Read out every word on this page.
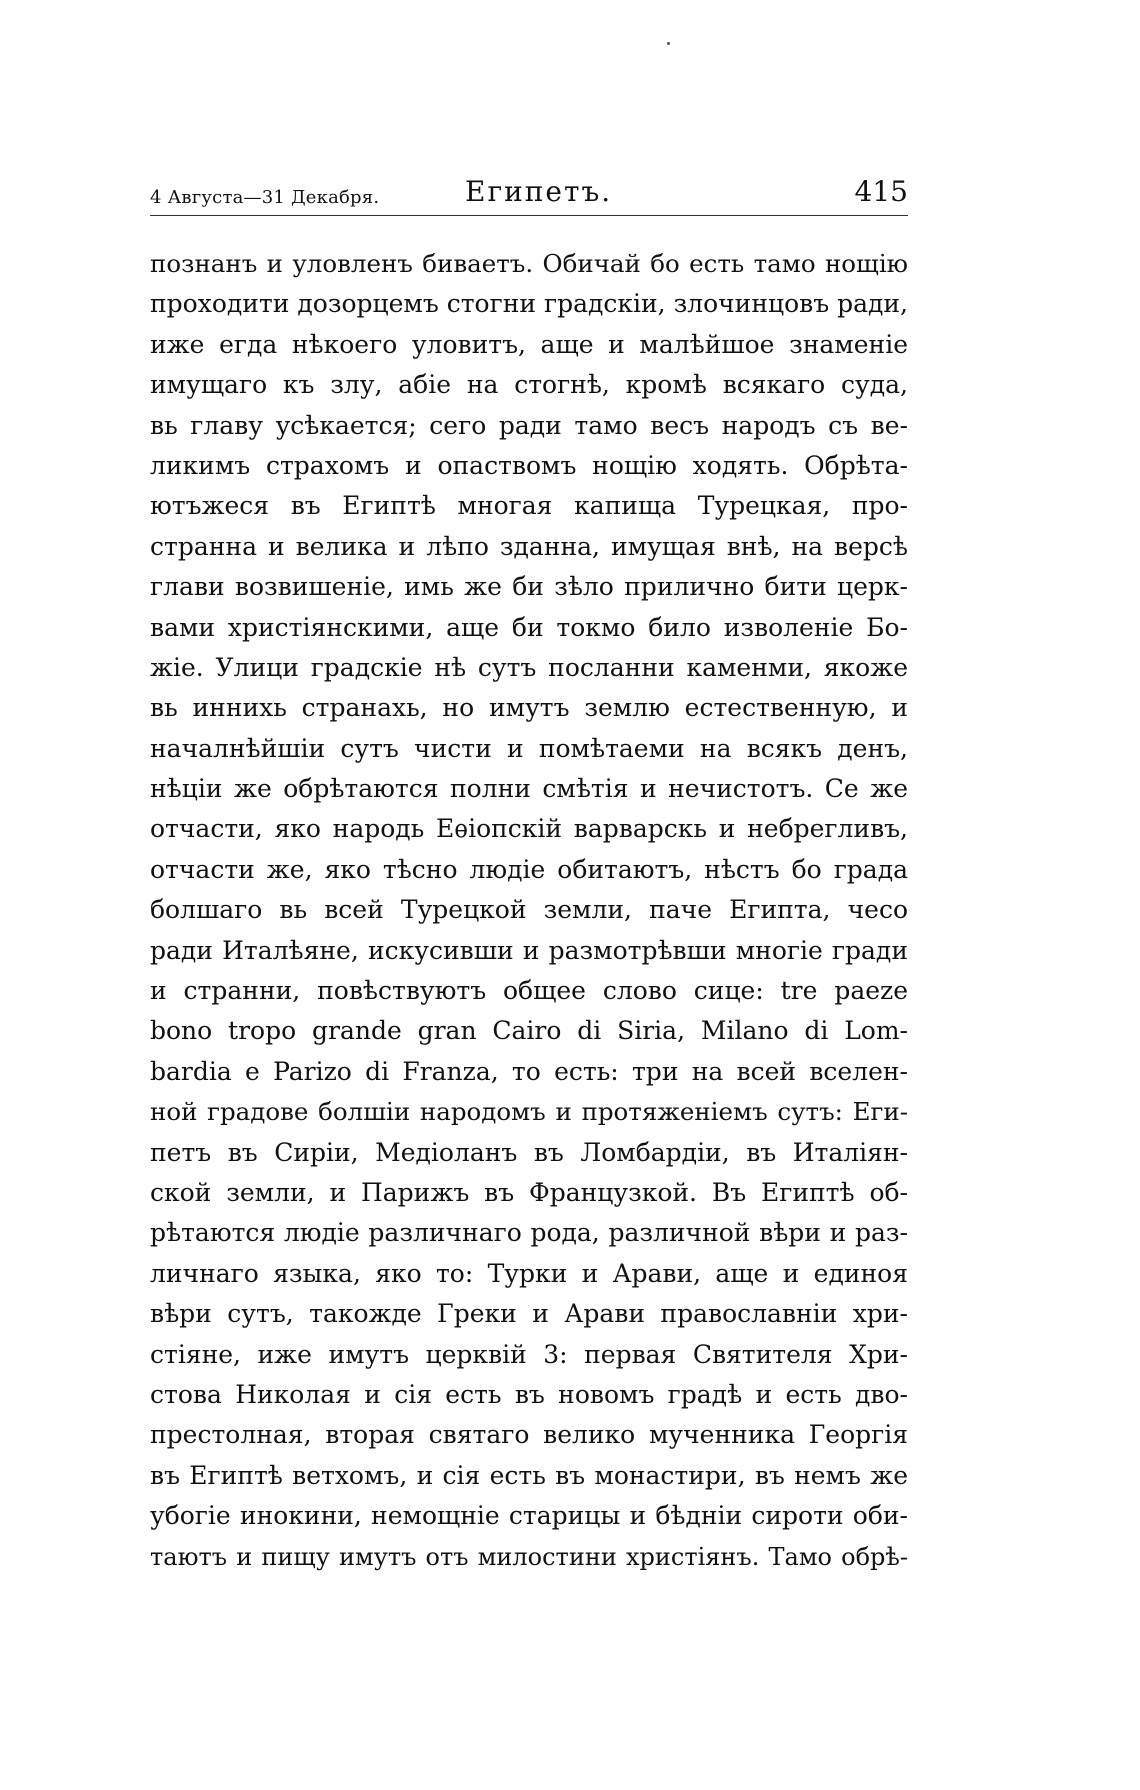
4 Августа—31 Декабря.	Египетъ.	415
познанъ и уловленъ биваетъ. Обичай бо есть тамо нощію
проходити дозорцемъ стогни градскіи, злочинцовъ ради,
иже егда нѣкоего уловитъ, аще и малѣйшое знаменіе
имущаго къ злу, абіе на стогнѣ, кромѣ всякаго суда,
вь главу усѣкается; сего ради тамо весъ народъ съ ве-
ликимъ страхомъ и опаствомъ нощію ходять. Обрѣта-
ютъжеся въ Египтѣ многая капища Турецкая, про-
странна и велика и лѣпо зданна, имущая внѣ, на версѣ
глави возвишеніе, имь же би зѣло прилично бити церк-
вами христіянскими, аще би токмо било изволеніе Бо-
жіе. Улици градскіе нѣ сутъ посланни каменми, якоже
вь иннихь странахь, но имутъ землю естественную, и
началнѣйшіи сутъ чисти и помѣтаеми на всякъ денъ,
нѣціи же обрѣтаются полни смѣтія и нечистотъ. Се же
отчасти, яко народь Еѳіопскій варварскь и небрегливъ,
отчасти же, яко тѣсно людіе обитаютъ, нѣстъ бо града
болшаго вь всей Турецкой земли, паче Египта, чесо
ради Италѣяне, искусивши и размотрѣвши многіе гради
и странни, повѣствуютъ общее слово сице: tre paeze
bono tropo grande gran Cairo di Siria, Milano di Lom-
bardia e Parizo di Franza, то есть: три на всей вселен-
ной градове болшіи народомъ и протяженіемъ сутъ: Еги-
петъ въ Сиріи, Медіоланъ въ Ломбардіи, въ Италіян-
ской земли, и Парижъ въ Французкой. Въ Египтѣ об-
рѣтаются людіе различнаго рода, различной вѣри и раз-
личнаго языка, яко то: Турки и Арави, аще и единоя
вѣри сутъ, такожде Греки и Арави православніи хри-
стіяне, иже имутъ церквій 3: первая Святителя Хри-
стова Николая и сія есть въ новомъ градѣ и есть дво-
престолная, вторая святаго велико мученника Георгія
въ Египтѣ ветхомъ, и сія есть въ монастири, въ немъ же
убогіе инокини, немощніе старицы и бѣдніи сироти оби-
таютъ и пищу имутъ отъ милостини христіянъ. Тамо обрѣ-
